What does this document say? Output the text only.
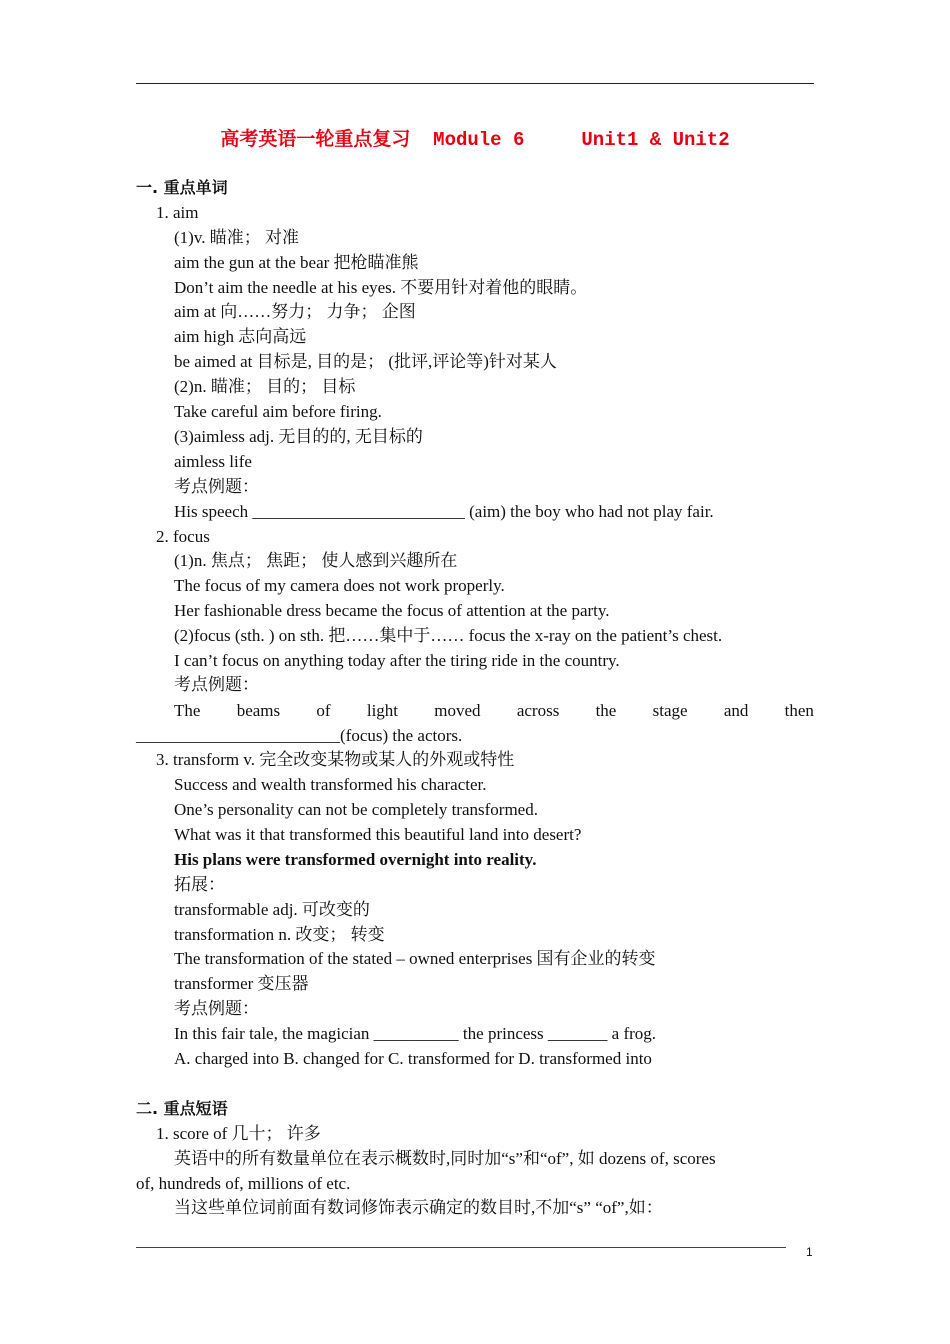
高考英语一轮重点复习  Module 6     Unit1 & Unit2
一. 重点单词
1. aim
(1)v. 瞄准； 对准
aim the gun at the bear 把枪瞄准熊
Don’t aim the needle at his eyes. 不要用针对着他的眼睛。
aim at 向……努力； 力争； 企图
aim high 志向高远
be aimed at 目标是, 目的是； (批评,评论等)针对某人
(2)n. 瞄准； 目的； 目标
Take careful aim before firing.
(3)aimless adj. 无目的的, 无目标的
aimless life
考点例题：
His speech _________________________ (aim) the boy who had not play fair.
2. focus
(1)n. 焦点； 焦距； 使人感到兴趣所在
The focus of my camera does not work properly.
Her fashionable dress became the focus of attention at the party.
(2)focus (sth. ) on sth. 把……集中于…… focus the x-ray on the patient’s chest.
I can’t focus on anything today after the tiring ride in the country.
考点例题：
The beams of light moved across the stage and then
________________________(focus) the actors.
3. transform v. 完全改变某物或某人的外观或特性
Success and wealth transformed his character.
One’s personality can not be completely transformed.
What was it that transformed this beautiful land into desert?
His plans were transformed overnight into reality.
拓展：
transformable adj. 可改变的
transformation n. 改变； 转变
The transformation of the stated – owned enterprises 国有企业的转变
transformer 变压器
考点例题：
In this fair tale, the magician __________ the princess _______ a frog.
A. charged into B. changed for C. transformed for D. transformed into
二. 重点短语
1. score of 几十； 许多
英语中的所有数量单位在表示概数时,同时加“s”和“of”, 如 dozens of, scores
of, hundreds of, millions of etc.
当这些单位词前面有数词修饰表示确定的数目时,不加“s” “of”,如：
1
